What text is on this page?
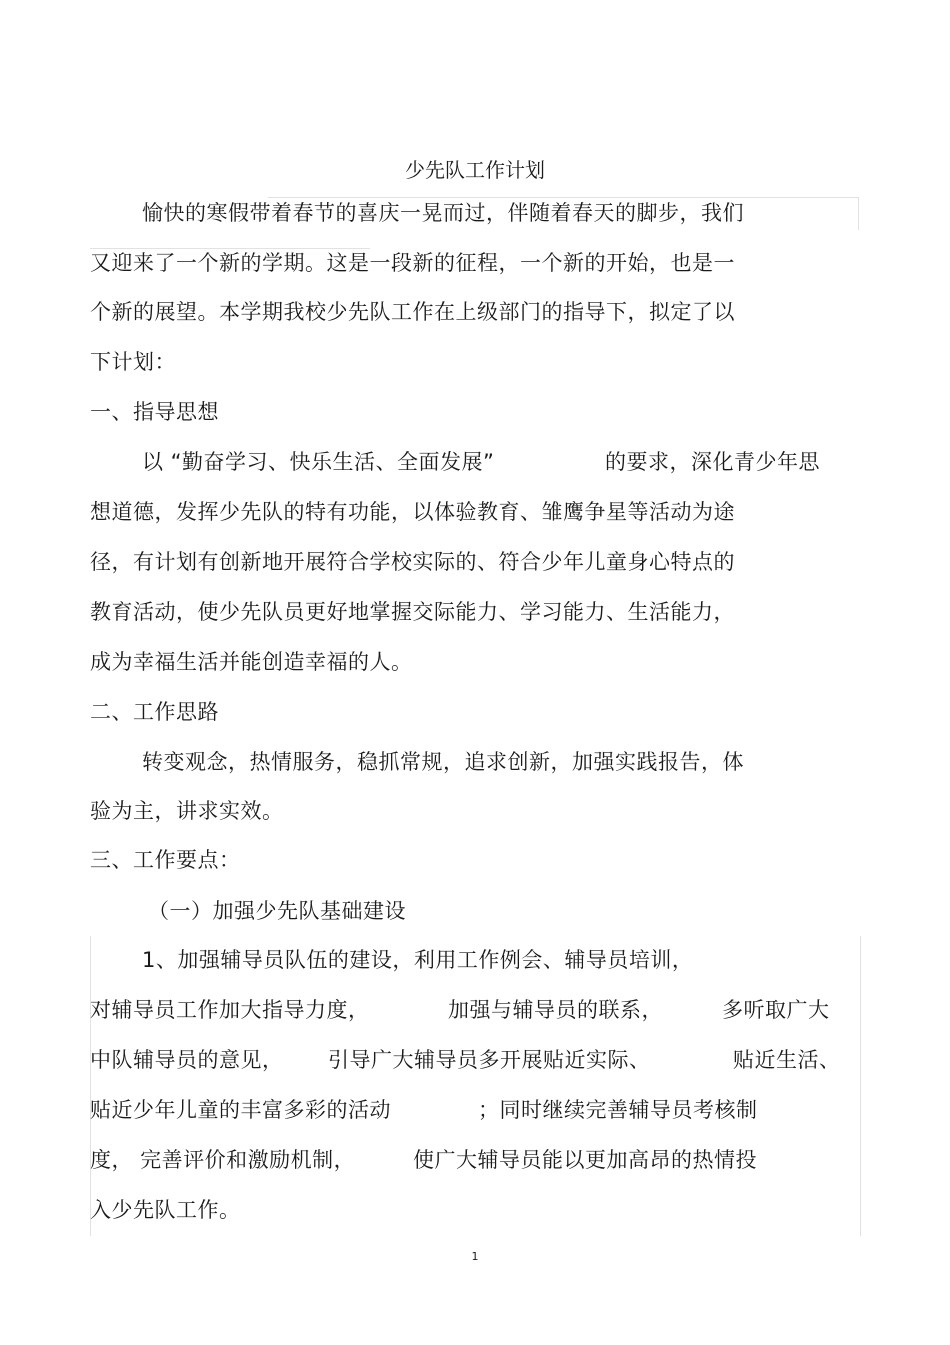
少先队工作计划
愉快的寒假带着春节的喜庆一晃而过，伴随着春天的脚步，我们
又迎来了一个新的学期。这是一段新的征程，一个新的开始，也是一
个新的展望。本学期我校少先队工作在上级部门的指导下，拟定了以
下计划：
一、指导思想
以 “勤奋学习、快乐生活、全面发展”	的要求，深化青少年思
想道德，发挥少先队的特有功能，以体验教育、雏鹰争星等活动为途
径，有计划有创新地开展符合学校实际的、符合少年儿童身心特点的
教育活动，使少先队员更好地掌握交际能力、学习能力、生活能力，
成为幸福生活并能创造幸福的人。
二、工作思路
转变观念，热情服务，稳抓常规，追求创新，加强实践报告，体
验为主，讲求实效。
三、工作要点：
（一）加强少先队基础建设
1、加强辅导员队伍的建设，利用工作例会、辅导员培训，
对辅导员工作加大指导力度，	加强与辅导员的联系，	多听取广大
中队辅导员的意见， 引导广大辅导员多开展贴近实际、	贴近生活、
贴近少年儿童的丰富多彩的活动	；同时继续完善辅导员考核制
度， 完善评价和激励机制，	使广大辅导员能以更加高昂的热情投
入少先队工作。
1
